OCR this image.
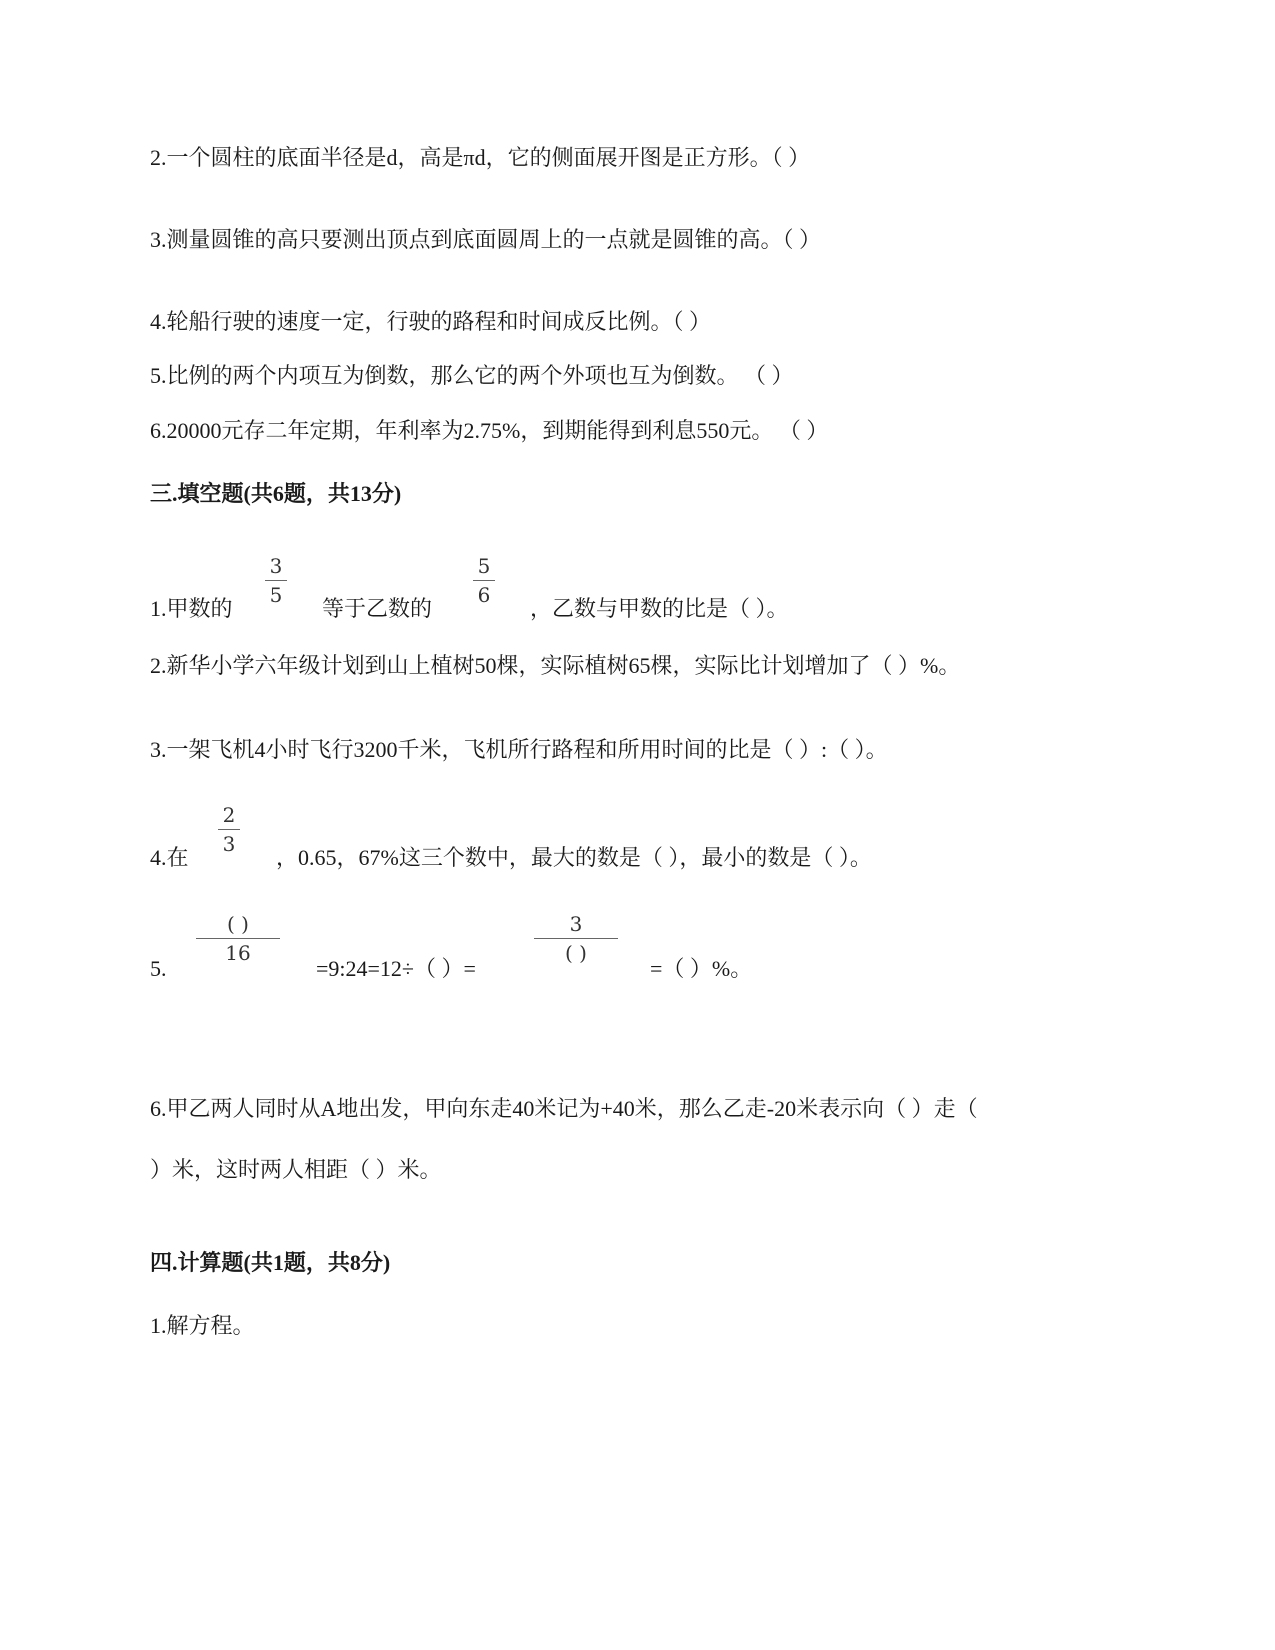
2.一个圆柱的底面半径是d，高是πd，它的侧面展开图是正方形。（ ）
3.测量圆锥的高只要测出顶点到底面圆周上的一点就是圆锥的高。（ ）
4.轮船行驶的速度一定，行驶的路程和时间成反比例。（ ）
5.比例的两个内项互为倒数，那么它的两个外项也互为倒数。 （ ）
6.20000元存二年定期，年利率为2.75%，到期能得到利息550元。 （ ）
三.填空题(共6题，共13分)
1.甲数的
3
5
等于乙数的
5
6
，乙数与甲数的比是（ ）。
2.新华小学六年级计划到山上植树50棵，实际植树65棵，实际比计划增加了（ ）%。
3.一架飞机4小时飞行3200千米，飞机所行路程和所用时间的比是（ ）:（ ）。
4.在
2
3
，0.65，67%这三个数中，最大的数是（ ），最小的数是（ ）。
5.
( )
16
=9:24=12÷（ ）=
3
( )
=（ ）%。
6.甲乙两人同时从A地出发，甲向东走40米记为+40米，那么乙走-20米表示向（ ）走（
）米，这时两人相距（ ）米。
四.计算题(共1题，共8分)
1.解方程。
